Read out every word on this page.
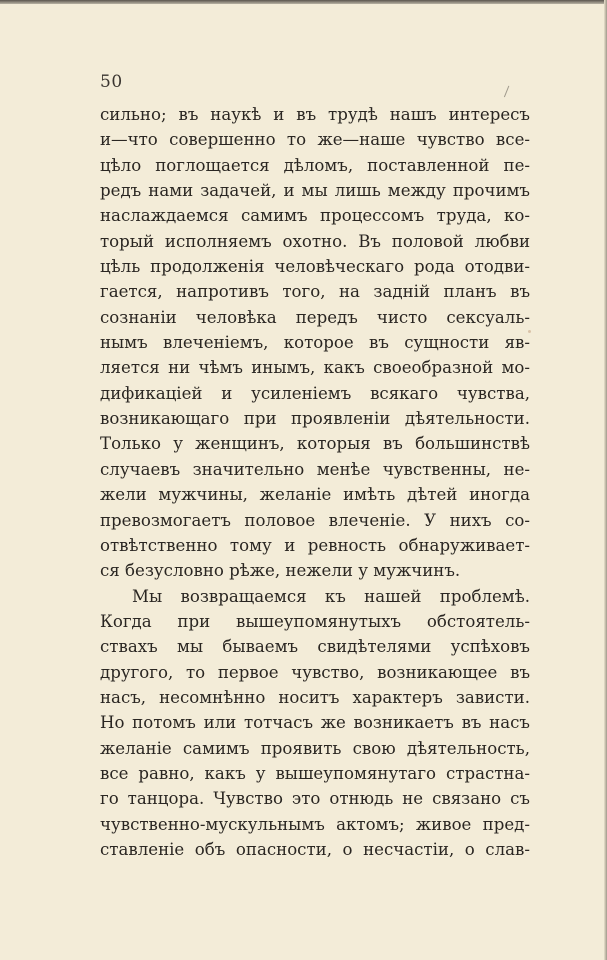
50
сильно; въ наукѣ и въ трудѣ нашъ интересъ
и—что совершенно то же—наше чувство все-
цѣло поглощается дѣломъ, поставленной пе-
редъ нами задачей, и мы лишь между прочимъ
наслаждаемся самимъ процессомъ труда, ко-
торый исполняемъ охотно. Въ половой любви
цѣль продолженія человѣческаго рода отодви-
гается, напротивъ того, на задній планъ въ
сознаніи человѣка передъ чисто сексуаль-
нымъ влеченіемъ, которое въ сущности яв-
ляется ни чѣмъ инымъ, какъ своеобразной мо-
дификаціей и усиленіемъ всякаго чувства,
возникающаго при проявленіи дѣятельности.
Только у женщинъ, которыя въ большинствѣ
случаевъ значительно менѣе чувственны, не-
жели мужчины, желаніе имѣть дѣтей иногда
превозмогаетъ половое влеченіе. У нихъ со-
отвѣтственно тому и ревность обнаруживает-
ся безусловно рѣже, нежели у мужчинъ.
Мы возвращаемся къ нашей проблемѣ.
Когда при вышеупомянутыхъ обстоятель-
ствахъ мы бываемъ свидѣтелями успѣховъ
другого, то первое чувство, возникающее въ
насъ, несомнѣнно носитъ характеръ зависти.
Но потомъ или тотчасъ же возникаетъ въ насъ
желаніе самимъ проявить свою дѣятельность,
все равно, какъ у вышеупомянутаго страстна-
го танцора. Чувство это отнюдь не связано съ
чувственно-мускульнымъ актомъ; живое пред-
ставленіе объ опасности, о несчастіи, о слав-
